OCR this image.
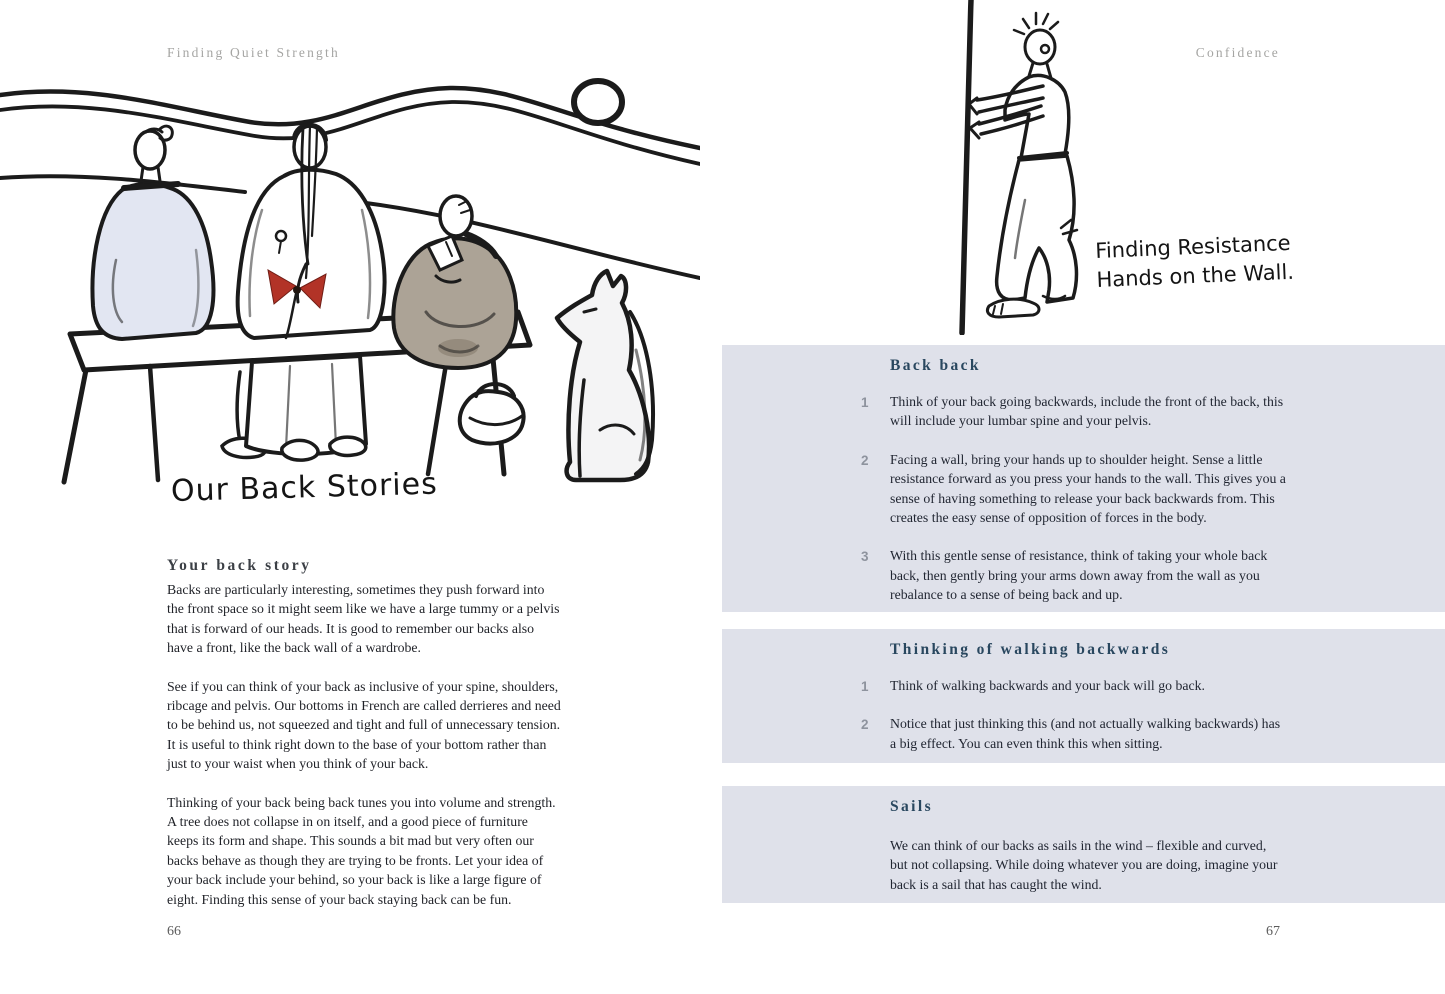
Finding Quiet Strength
Our Back Stories
Your back story

Backs are particularly interesting, sometimes they push forward into the front space so it might seem like we have a large tummy or a pelvis that is forward of our heads. It is good to remember our backs also have a front, like the back wall of a wardrobe.

See if you can think of your back as inclusive of your spine, shoulders, ribcage and pelvis. Our bottoms in French are called derrieres and need to be behind us, not squeezed and tight and full of unnecessary tension. It is useful to think right down to the base of your bottom rather than just to your waist when you think of your back.

Thinking of your back being back tunes you into volume and strength. A tree does not collapse in on itself, and a good piece of furniture keeps its form and shape. This sounds a bit mad but very often our backs behave as though they are trying to be fronts. Let your idea of your back include your behind, so your back is like a large figure of eight. Finding this sense of your back staying back can be fun.

66
Confidence
Finding Resistance
Hands on the Wall.
Back back
1 Think of your back going backwards, include the front of the back, this will include your lumbar spine and your pelvis.
2 Facing a wall, bring your hands up to shoulder height. Sense a little resistance forward as you press your hands to the wall. This gives you a sense of having something to release your back backwards from. This creates the easy sense of opposition of forces in the body.
3 With this gentle sense of resistance, think of taking your whole back back, then gently bring your arms down away from the wall as you rebalance to a sense of being back and up.
Thinking of walking backwards
1 Think of walking backwards and your back will go back.
2 Notice that just thinking this (and not actually walking backwards) has a big effect. You can even think this when sitting.
Sails

We can think of our backs as sails in the wind – flexible and curved, but not collapsing. While doing whatever you are doing, imagine your back is a sail that has caught the wind.

67
